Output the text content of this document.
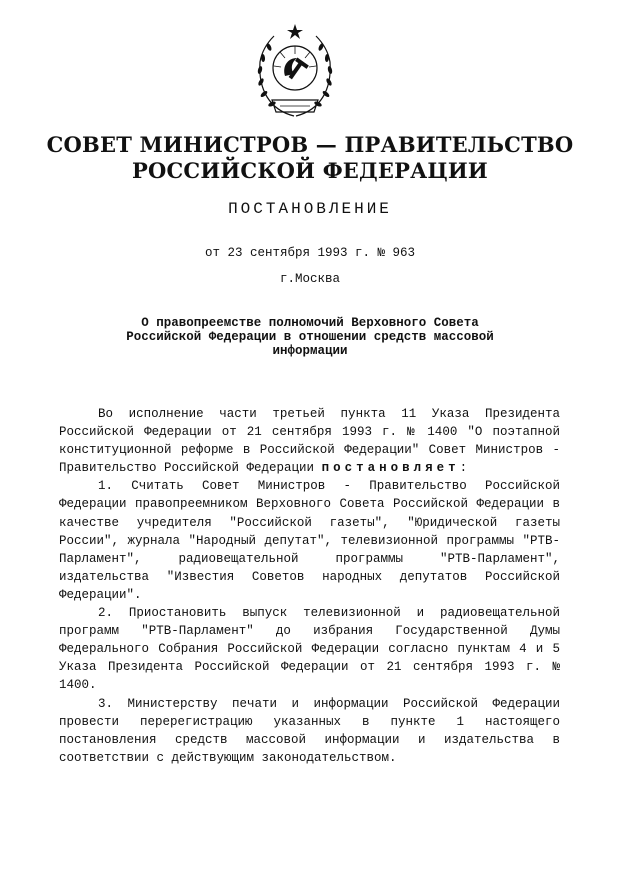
СОВЕТ МИНИСТРОВ — ПРАВИТЕЛЬСТВО
РОССИЙСКОЙ ФЕДЕРАЦИИ
ПОСТАНОВЛЕНИЕ
от 23 сентября 1993 г. № 963
г.Москва
О правопреемстве полномочий Верховного Совета
Российской Федерации в отношении средств массовой
информации

Во исполнение части третьей пункта 11 Указа Президента Российской Федерации от 21 сентября 1993 г. № 1400 "О поэтапной конституционной реформе в Российской Федерации" Совет Министров - Правительство Российской Федерации постановляет:

1. Считать Совет Министров - Правительство Российской Федерации правопреемником Верховного Совета Российской Федерации в качестве учредителя "Российской газеты", "Юридической газеты России", журнала "Народный депутат", телевизионной программы "РТВ-Парламент", радиовещательной программы "РТВ-Парламент", издательства "Известия Советов народных депутатов Российской Федерации".

2. Приостановить выпуск телевизионной и радиовещательной программ "РТВ-Парламент" до избрания Государственной Думы Федерального Собрания Российской Федерации согласно пунктам 4 и 5 Указа Президента Российской Федерации от 21 сентября 1993 г. № 1400.

3. Министерству печати и информации Российской Федерации провести перерегистрацию указанных в пункте 1 настоящего постановления средств массовой информации и издательства в соответствии с действующим законодательством.
